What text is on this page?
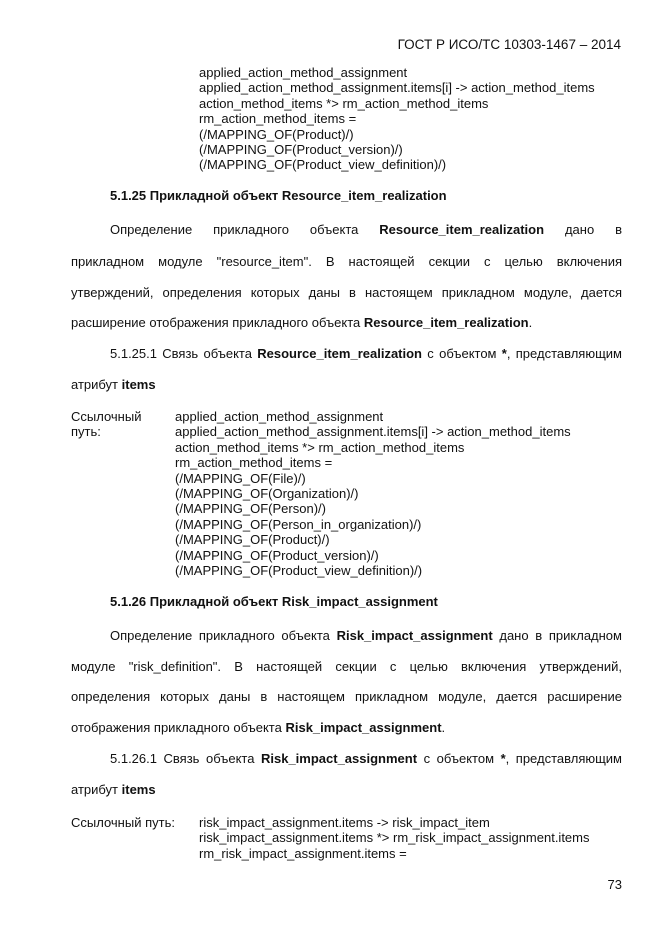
ГОСТ Р ИСО/ТС 10303-1467 – 2014
applied_action_method_assignment
applied_action_method_assignment.items[i] -> action_method_items
action_method_items *> rm_action_method_items
rm_action_method_items =
(/MAPPING_OF(Product)/)
(/MAPPING_OF(Product_version)/)
(/MAPPING_OF(Product_view_definition)/)
5.1.25 Прикладной объект Resource_item_realization
Определение прикладного объекта Resource_item_realization дано в
прикладном модуле "resource_item". В настоящей секции с целью включения
утверждений, определения которых даны в настоящем прикладном модуле, дается
расширение отображения прикладного объекта Resource_item_realization.
5.1.25.1 Связь объекта Resource_item_realization с объектом *, представляющим
атрибут items
Ссылочный
путь:
applied_action_method_assignment
applied_action_method_assignment.items[i] -> action_method_items
action_method_items *> rm_action_method_items
rm_action_method_items =
(/MAPPING_OF(File)/)
(/MAPPING_OF(Organization)/)
(/MAPPING_OF(Person)/)
(/MAPPING_OF(Person_in_organization)/)
(/MAPPING_OF(Product)/)
(/MAPPING_OF(Product_version)/)
(/MAPPING_OF(Product_view_definition)/)
5.1.26 Прикладной объект Risk_impact_assignment
Определение прикладного объекта Risk_impact_assignment дано в прикладном
модуле "risk_definition". В настоящей секции с целью включения утверждений,
определения которых даны в настоящем прикладном модуле, дается расширение
отображения прикладного объекта Risk_impact_assignment.
5.1.26.1 Связь объекта Risk_impact_assignment с объектом *, представляющим
атрибут items
Ссылочный путь: risk_impact_assignment.items -> risk_impact_item
risk_impact_assignment.items *> rm_risk_impact_assignment.items
rm_risk_impact_assignment.items =
73
